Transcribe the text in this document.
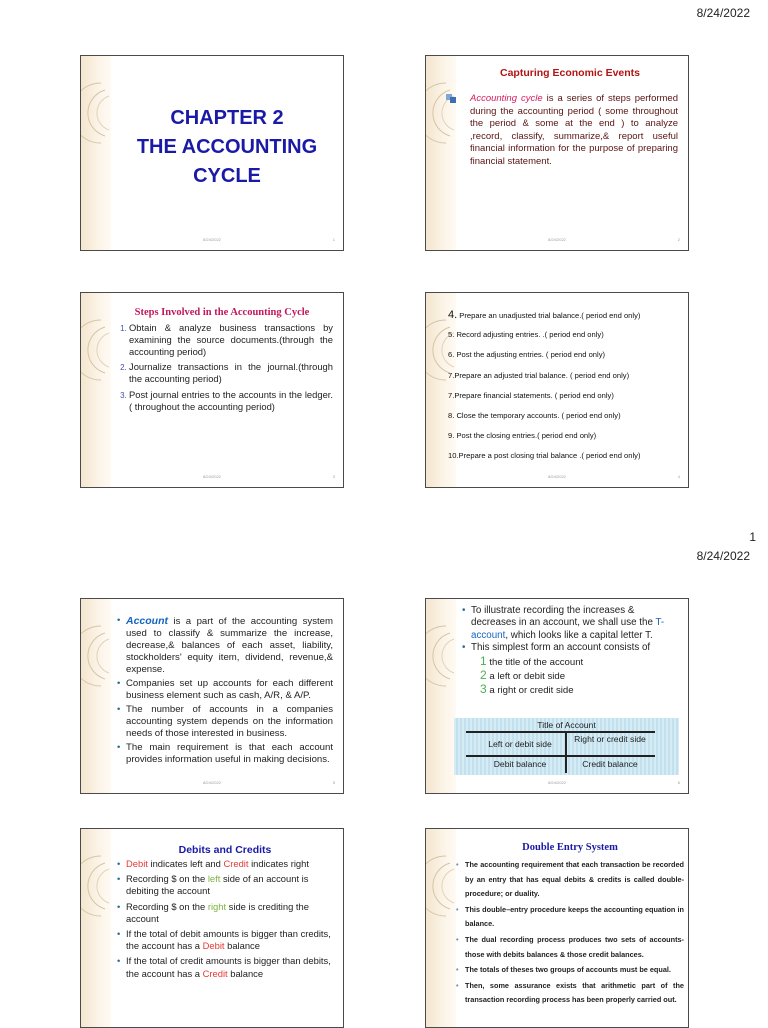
8/24/2022
1
8/24/2022
CHAPTER 2
THE ACCOUNTING
CYCLE
8/24/2022	1
Capturing Economic Events

Accounting cycle is a series of steps performed during the accounting period ( some throughout the period & some at the end ) to analyze ,record, classify, summarize,& report useful financial information for the purpose of preparing financial statement.

8/24/2022	2
Steps Involved in the Accounting Cycle
1. Obtain & analyze business transactions by examining the source documents.(through the accounting period)
2. Journalize transactions in the journal.(through the accounting period)
3. Post journal entries to the accounts in the ledger.( throughout the accounting period)
8/24/2022	3
4. Prepare an unadjusted trial balance.( period end only)
5. Record adjusting entries. .( period end only)
6. Post the adjusting entries. ( period end only)
7.Prepare an adjusted trial balance. ( period end only)
7.Prepare financial statements. ( period end only)
8. Close the temporary accounts. ( period end only)
9. Post the closing entries.( period end only)
10.Prepare a post closing trial balance .( period end only)
8/24/2022	4
• Account is a part of the accounting system used to classify & summarize the increase, decrease,& balances of each asset, liability, stockholders' equity item, dividend, revenue,& expense.
• Companies set up accounts for each different business element such as cash, A/R, & A/P.
• The number of accounts in a companies accounting system depends on the information needs of those interested in business.
• The main requirement is that each account provides information useful in making decisions.
8/24/2022	5
• To illustrate recording the increases & decreases in an account, we shall use the T-account, which looks like a capital letter T.
• This simplest form an account consists of
1 the title of the account
2 a left or debit side
3 a right or credit side
8/24/2022	6
Title of Account
Left or debit side	Right or credit side
Debit balance	Credit balance
Debits and Credits
• Debit indicates left and Credit indicates right
• Recording $ on the left side of an account is debiting the account
• Recording $ on the right side is crediting the account
• If the total of debit amounts is bigger than credits, the account has a Debit balance
• If the total of credit amounts is bigger than debits, the account has a Credit balance
Double Entry System
• The accounting requirement that each transaction be recorded by an entry that has equal debits & credits is called double-procedure; or duality.
• This double–entry procedure keeps the accounting equation in balance.
• The dual recording process produces two sets of accounts-those with debits balances & those credit balances.
• The totals of theses two groups of accounts must be equal.
• Then, some assurance exists that arithmetic part of the transaction recording process has been properly carried out.
